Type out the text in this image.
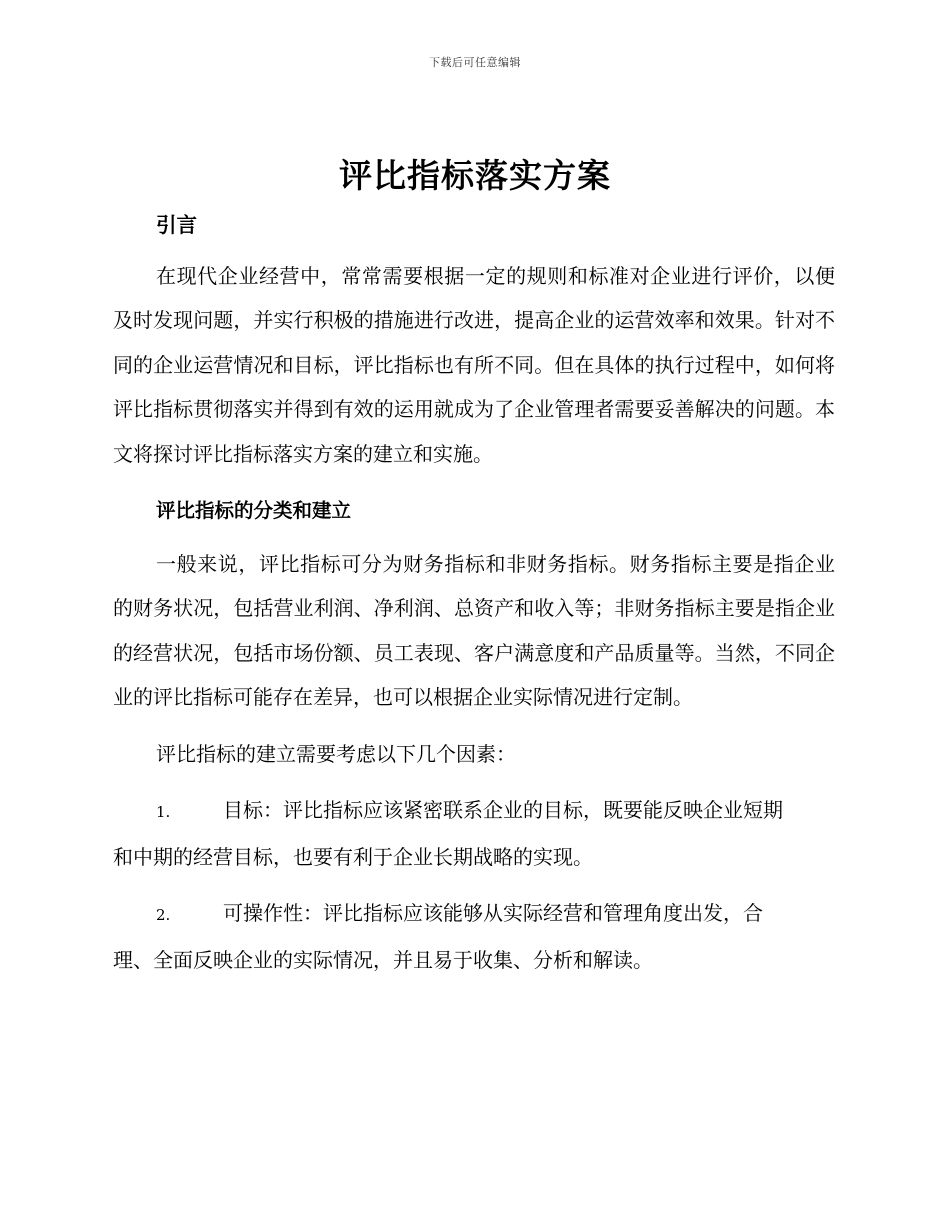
下载后可任意编辑
评比指标落实方案

引言

在现代企业经营中，常常需要根据一定的规则和标准对企业进行评价，以便及时发现问题，并实行积极的措施进行改进，提高企业的运营效率和效果。针对不同的企业运营情况和目标，评比指标也有所不同。但在具体的执行过程中，如何将评比指标贯彻落实并得到有效的运用就成为了企业管理者需要妥善解决的问题。本文将探讨评比指标落实方案的建立和实施。

评比指标的分类和建立

一般来说，评比指标可分为财务指标和非财务指标。财务指标主要是指企业的财务状况，包括营业利润、净利润、总资产和收入等；非财务指标主要是指企业的经营状况，包括市场份额、员工表现、客户满意度和产品质量等。当然，不同企业的评比指标可能存在差异，也可以根据企业实际情况进行定制。

评比指标的建立需要考虑以下几个因素：

1.	目标：评比指标应该紧密联系企业的目标，既要能反映企业短期

和中期的经营目标，也要有利于企业长期战略的实现。

2.	可操作性：评比指标应该能够从实际经营和管理角度出发，合

理、全面反映企业的实际情况，并且易于收集、分析和解读。
